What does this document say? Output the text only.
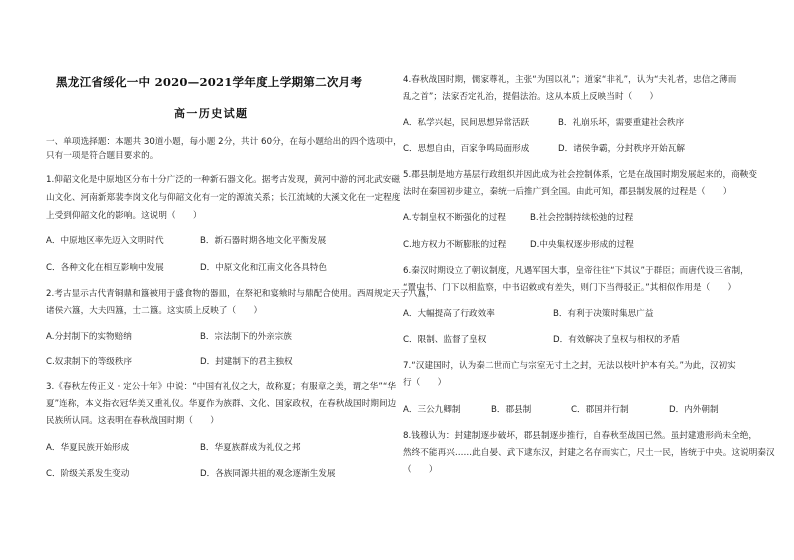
黑龙江省绥化一中 2020—2021学年度上学期第二次月考
高一历史试题
一、单项选择题：本题共 30道小题，每小题 2分，共计 60分，在每小题给出的四个选项中，
只有一项是符合题目要求的。
1.仰韶文化是中原地区分布十分广泛的一种新石器文化。据考古发现，黄河中游的河北武安磁
山文化、河南新郑裴李岗文化与仰韶文化有一定的源流关系；长江流域的大溪文化在一定程度
上受到仰韶文化的影响。这说明（　　）
A．中原地区率先迈入文明时代	B．新石器时期各地文化平衡发展
C．各种文化在相互影响中发展	D．中原文化和江南文化各具特色
2.考古显示古代青铜鼎和簋被用于盛食物的器皿，在祭祀和宴飨时与鼎配合使用。西周规定天子八簋，
诸侯六簋，大夫四簋，士二簋。这实质上反映了（　　）
A.分封制下的实物赔纳	B．宗法制下的外亲宗族
C.奴隶制下的等级秩序	D．封建制下的君主独权
3.《春秋左传正义 · 定公十年》中说：“中国有礼仪之大，故称夏；有服章之美，谓之华”“华
夏”连称，本义指衣冠华美又重礼仪。华夏作为族群、文化、国家政权，在春秋战国时期间边
民族所认同。这表明在春秋战国时期（　　）
A．华夏民族开始形成	B．华夏族群成为礼仪之邦
C．阶级关系发生变动	D．各族同源共祖的观念逐渐生发展
4.春秋战国时期，儒家尊礼，主张“为国以礼”；道家“非礼”，认为“夫礼者，忠信之薄而
乱之首”；法家否定礼治，提倡法治。这从本质上反映当时（　　）
A．私学兴起，民间思想异常活跃	B．礼崩乐坏，需要重建社会秩序
C．思想自由，百家争鸣局面形成	D．诸侯争霸，分封秩序开始瓦解
5.郡县制是地方基层行政组织并因此成为社会控制体系，它是在战国时期发展起来的，商鞅变
法时在秦国初步建立，秦统一后推广到全国。由此可知，郡县制发展的过程是（　　）
A.专制皇权不断强化的过程	B.社会控制持续松弛的过程
C.地方权力不断膨胀的过程	D.中央集权逐步形成的过程
6.秦汉时期设立了朝议制度，凡遇军国大事，皇帝往往“下其议”于群臣；而唐代设三省制，
“置中书、门下以相监察，中书诏敕或有差失，则门下当得驳正。”其相似作用是（　　）
A．大幅提高了行政效率	B．有利于决策时集思广益
C．限制、监督了皇权	D．有效解决了皇权与相权的矛盾
7.“汉建国时，认为秦二世而亡与宗室无寸土之封，无法以枝叶护本有关。”为此，汉初实
行（　　）
A．三公九卿制	B．郡县制	C．郡国并行制	D．内外朝制
8.钱穆认为：封建制逐步破坏，郡县制逐步推行，自春秋至战国已然。虽封建遗形尚未全绝，
然终不能再兴……此自晏、武下逮东汉，封建之名存而实亡，尺土一民，皆统于中央。这说明秦汉
（　　）
